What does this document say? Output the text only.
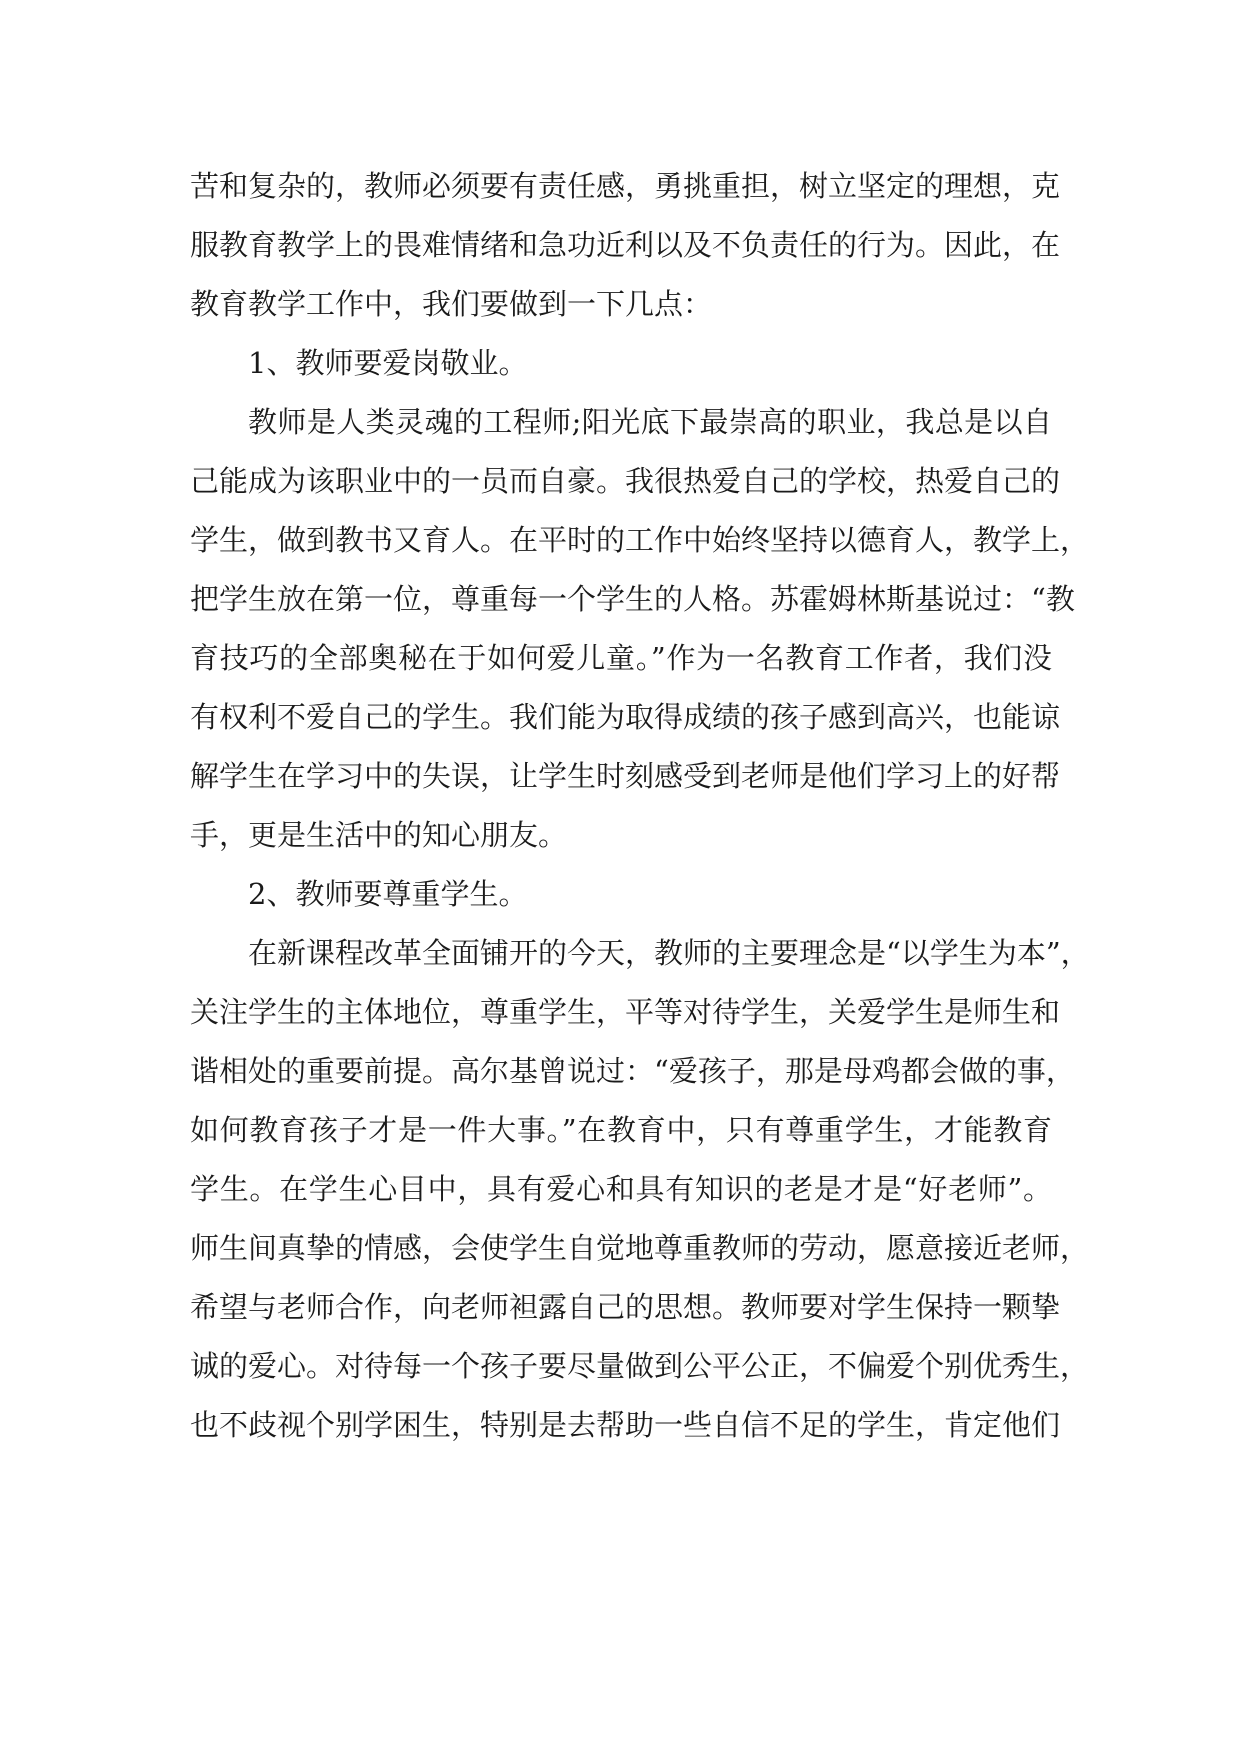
苦和复杂的，教师必须要有责任感，勇挑重担，树立坚定的理想，克
服教育教学上的畏难情绪和急功近利以及不负责任的行为。因此，在
教育教学工作中，我们要做到一下几点：

1、教师要爱岗敬业。

教师是人类灵魂的工程师;阳光底下最崇高的职业，我总是以自
己能成为该职业中的一员而自豪。我很热爱自己的学校，热爱自己的
学生，做到教书又育人。在平时的工作中始终坚持以德育人，教学上，
把学生放在第一位，尊重每一个学生的人格。苏霍姆林斯基说过：“教
育技巧的全部奥秘在于如何爱儿童。”作为一名教育工作者，我们没
有权利不爱自己的学生。我们能为取得成绩的孩子感到高兴，也能谅
解学生在学习中的失误，让学生时刻感受到老师是他们学习上的好帮
手，更是生活中的知心朋友。

2、教师要尊重学生。

在新课程改革全面铺开的今天，教师的主要理念是“以学生为本”，
关注学生的主体地位，尊重学生，平等对待学生，关爱学生是师生和
谐相处的重要前提。高尔基曾说过：“爱孩子，那是母鸡都会做的事，
如何教育孩子才是一件大事。”在教育中，只有尊重学生，才能教育
学生。在学生心目中，具有爱心和具有知识的老是才是“好老师”。
师生间真挚的情感，会使学生自觉地尊重教师的劳动，愿意接近老师，
希望与老师合作，向老师袒露自己的思想。教师要对学生保持一颗挚
诚的爱心。对待每一个孩子要尽量做到公平公正，不偏爱个别优秀生，
也不歧视个别学困生，特别是去帮助一些自信不足的学生，肯定他们
